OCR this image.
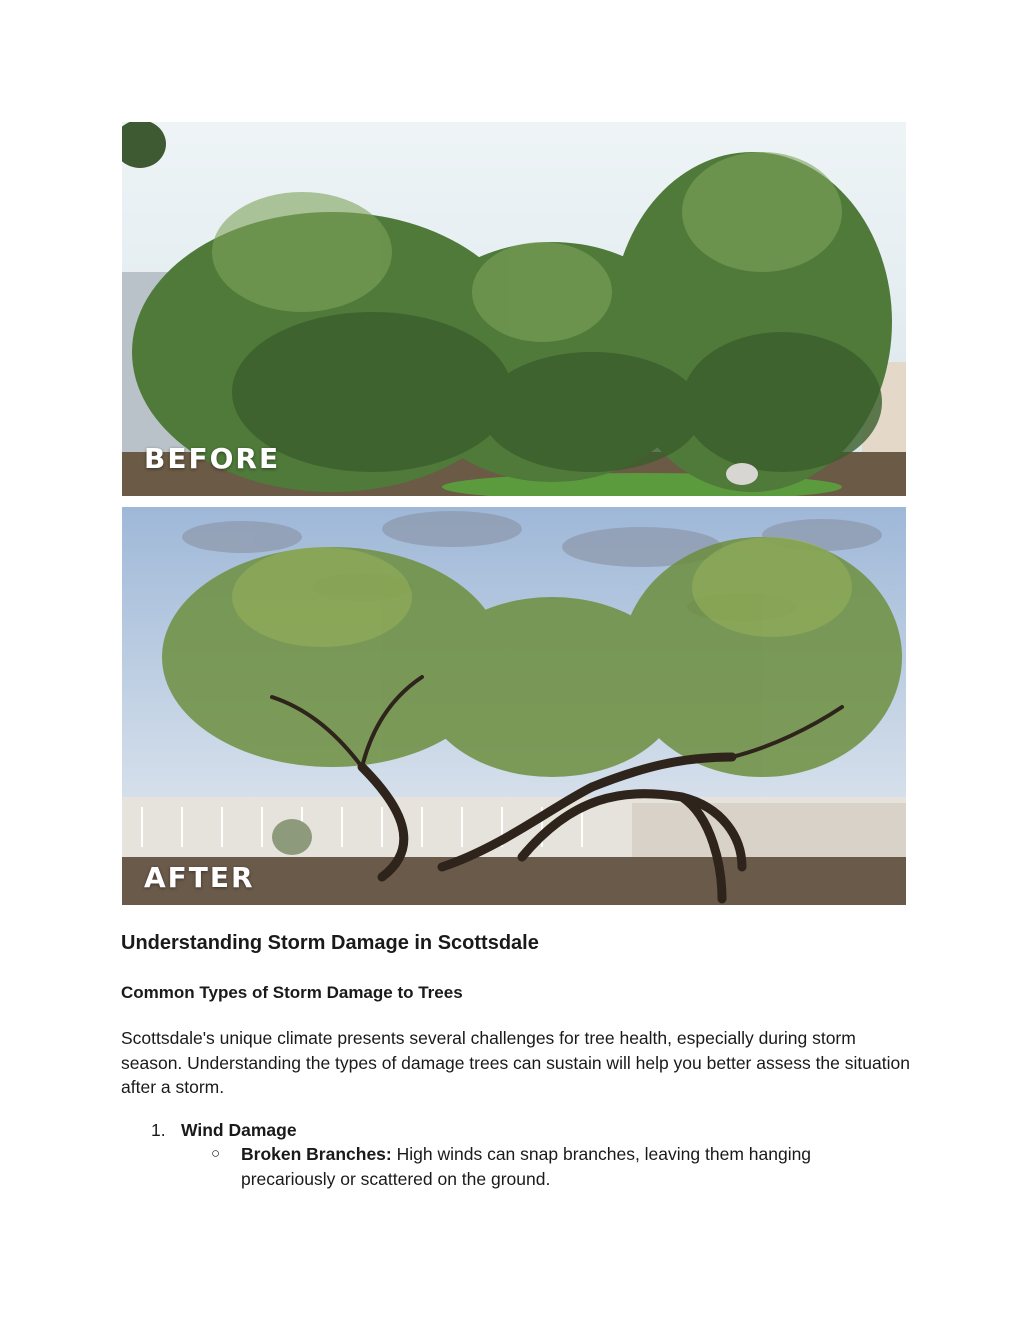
BEFORE
AFTER
Understanding Storm Damage in Scottsdale
Common Types of Storm Damage to Trees

Scottsdale's unique climate presents several challenges for tree health, especially during storm season. Understanding the types of damage trees can sustain will help you better assess the situation after a storm.

1. Wind Damage
○ Broken Branches: High winds can snap branches, leaving them hanging precariously or scattered on the ground.
